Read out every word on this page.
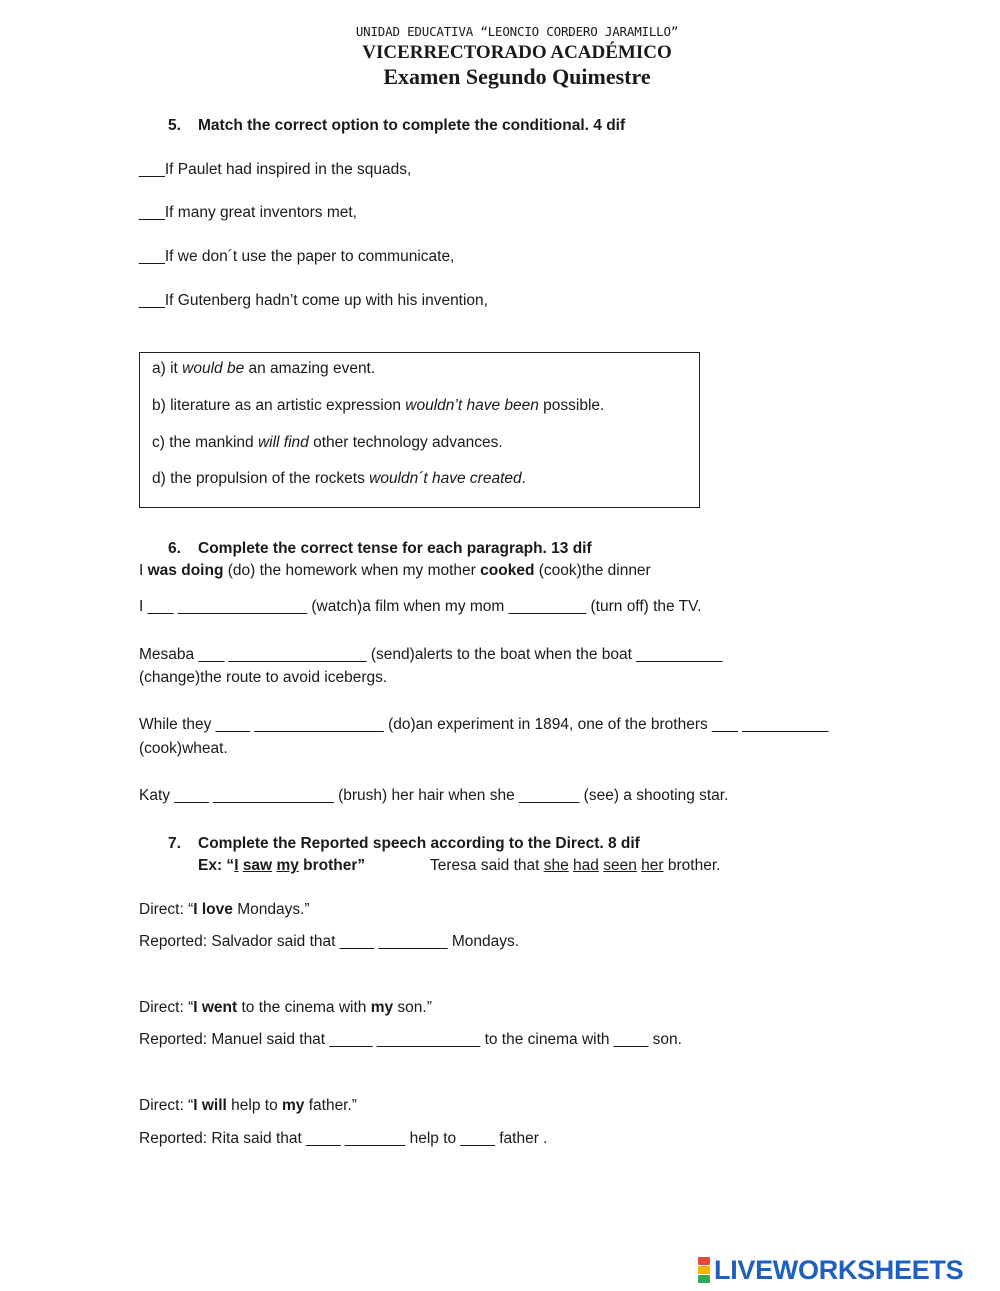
UNIDAD EDUCATIVA “LEONCIO CORDERO JARAMILLO”
VICERRECTORADO ACADÉMICO
Examen Segundo Quimestre
5. Match the correct option to complete the conditional. 4 dif
___If Paulet had inspired in the squads,
___If many great inventors met,
___If we don´t use the paper to communicate,
___If Gutenberg hadn’t come up with his invention,
a) it would be an amazing event.
b) literature as an artistic expression wouldn’t have been possible.
c) the mankind will find other technology advances.
d) the propulsion of the rockets wouldn´t have created.
6. Complete the correct tense for each paragraph. 13 dif
I was doing (do) the homework when my mother cooked (cook)the dinner
I ___ _______________ (watch)a film when my mom _________ (turn off) the TV.
Mesaba ___ ________________ (send)alerts to the boat when the boat __________
(change)the route to avoid icebergs.
While they ____ _______________ (do)an experiment in 1894, one of the brothers ___ __________
(cook)wheat.
Katy ____ ______________ (brush) her hair when she _______ (see) a shooting star.
7. Complete the Reported speech according to the Direct. 8 dif
Ex: “I saw my brother”	Teresa said that she had seen her brother.
Direct: “I love Mondays.”
Reported: Salvador said that ____ ________ Mondays.
Direct: “I went to the cinema with my son.”
Reported: Manuel said that _____ ____________ to the cinema with ____ son.
Direct: “I will help to my father.”
Reported: Rita said that ____ _______ help to ____ father .
LIVEWORKSHEETS
